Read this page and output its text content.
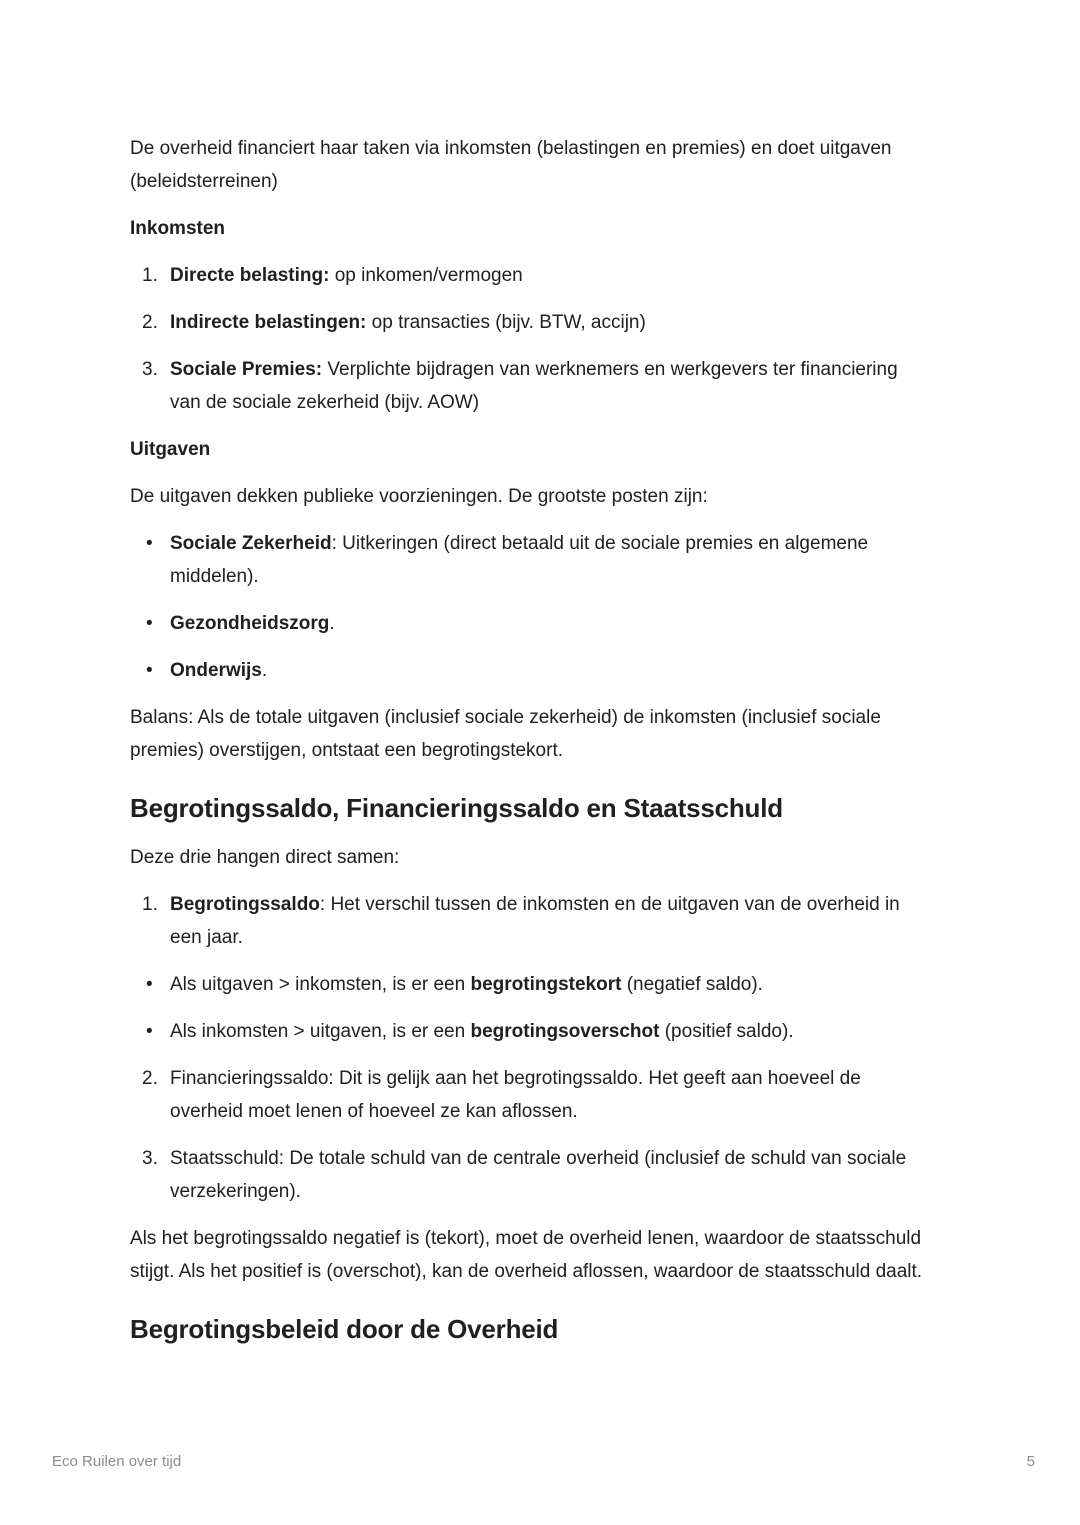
De overheid financiert haar taken via inkomsten (belastingen en premies) en doet uitgaven (beleidsterreinen)
Inkomsten
1. Directe belasting: op inkomen/vermogen
2. Indirecte belastingen: op transacties (bijv. BTW, accijn)
3. Sociale Premies: Verplichte bijdragen van werknemers en werkgevers ter financiering van de sociale zekerheid (bijv. AOW)
Uitgaven
De uitgaven dekken publieke voorzieningen. De grootste posten zijn:
• Sociale Zekerheid: Uitkeringen (direct betaald uit de sociale premies en algemene middelen).
• Gezondheidszorg.
• Onderwijs.
Balans: Als de totale uitgaven (inclusief sociale zekerheid) de inkomsten (inclusief sociale premies) overstijgen, ontstaat een begrotingstekort.
Begrotingssaldo, Financieringssaldo en Staatsschuld
Deze drie hangen direct samen:
1. Begrotingssaldo: Het verschil tussen de inkomsten en de uitgaven van de overheid in een jaar.
• Als uitgaven > inkomsten, is er een begrotingstekort (negatief saldo).
• Als inkomsten > uitgaven, is er een begrotingsoverschot (positief saldo).
2. Financieringssaldo: Dit is gelijk aan het begrotingssaldo. Het geeft aan hoeveel de overheid moet lenen of hoeveel ze kan aflossen.
3. Staatsschuld: De totale schuld van de centrale overheid (inclusief de schuld van sociale verzekeringen).
Als het begrotingssaldo negatief is (tekort), moet de overheid lenen, waardoor de staatsschuld stijgt. Als het positief is (overschot), kan de overheid aflossen, waardoor de staatsschuld daalt.
Begrotingsbeleid door de Overheid
Eco Ruilen over tijd	5
